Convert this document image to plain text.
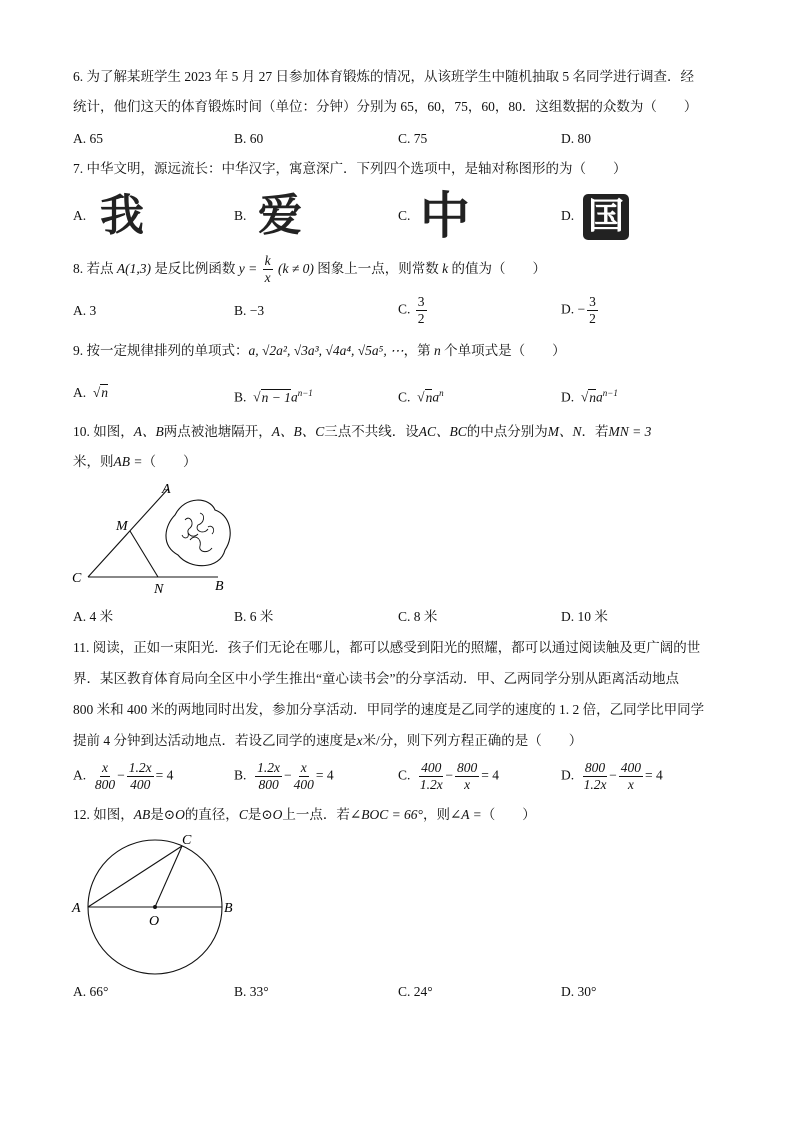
6. 为了解某班学生 2023 年 5 月 27 日参加体育锻炼的情况，从该班学生中随机抽取 5 名同学进行调查．经
统计，他们这天的体育锻炼时间（单位：分钟）分别为 65，60，75，60，80．这组数据的众数为（　　）
A. 65	B. 60	C. 75	D. 80
7. 中华文明，源远流长：中华汉字，寓意深广．下列四个选项中，是轴对称图形的为（　　）
A. 我	B. 爱	C. 中	D. 国
8. 若点 A(1,3) 是反比例函数 $y = \frac{k}{x} (k \ne 0)$ 图象上一点，则常数 k 的值为（　　）
A. 3	B. −3	C. $\frac{3}{2}$	D. − $\frac{3}{2}$
9. 按一定规律排列的单项式：a, √2a², √3a³, √4a⁴, √5a⁵, ⋯，第 n 个单项式是（　　）
A.  √n	B.  $√n - 1a^{n-1}$	C.  $√na^n$	D.  $√na^{n-1}$
10. 如图，A、B两点被池塘隔开，A、B、C三点不共线．设AC、BC的中点分别为M、N．若MN = 3
米，则AB =（　　）
A
M
C
N	B
A. 4 米	B. 6 米	C. 8 米	D. 10 米
11. 阅读，正如一束阳光．孩子们无论在哪儿，都可以感受到阳光的照耀，都可以通过阅读触及更广阔的世
界．某区教育体育局向全区中小学生推出“童心读书会”的分享活动．甲、乙两同学分别从距离活动地点
800 米和 400 米的两地同时出发，参加分享活动．甲同学的速度是乙同学的速度的 1. 2 倍，乙同学比甲同学
提前 4 分钟到达活动地点．若设乙同学的速度是x米/分，则下列方程正确的是（　　）
A. $\frac{x}{800} - \frac{1.2x}{400} = 4$	B. $\frac{1.2x}{800} - \frac{x}{400} = 4$	C. $\frac{400}{1.2x} - \frac{800}{x} = 4$	D. $\frac{800}{1.2x} - \frac{400}{x} = 4$
12. 如图，AB是⊙O的直径，C是⊙O上一点．若∠BOC = 66°，则∠A =（　　）
A	B
C
O
A. 66°	B. 33°	C. 24°	D. 30°
